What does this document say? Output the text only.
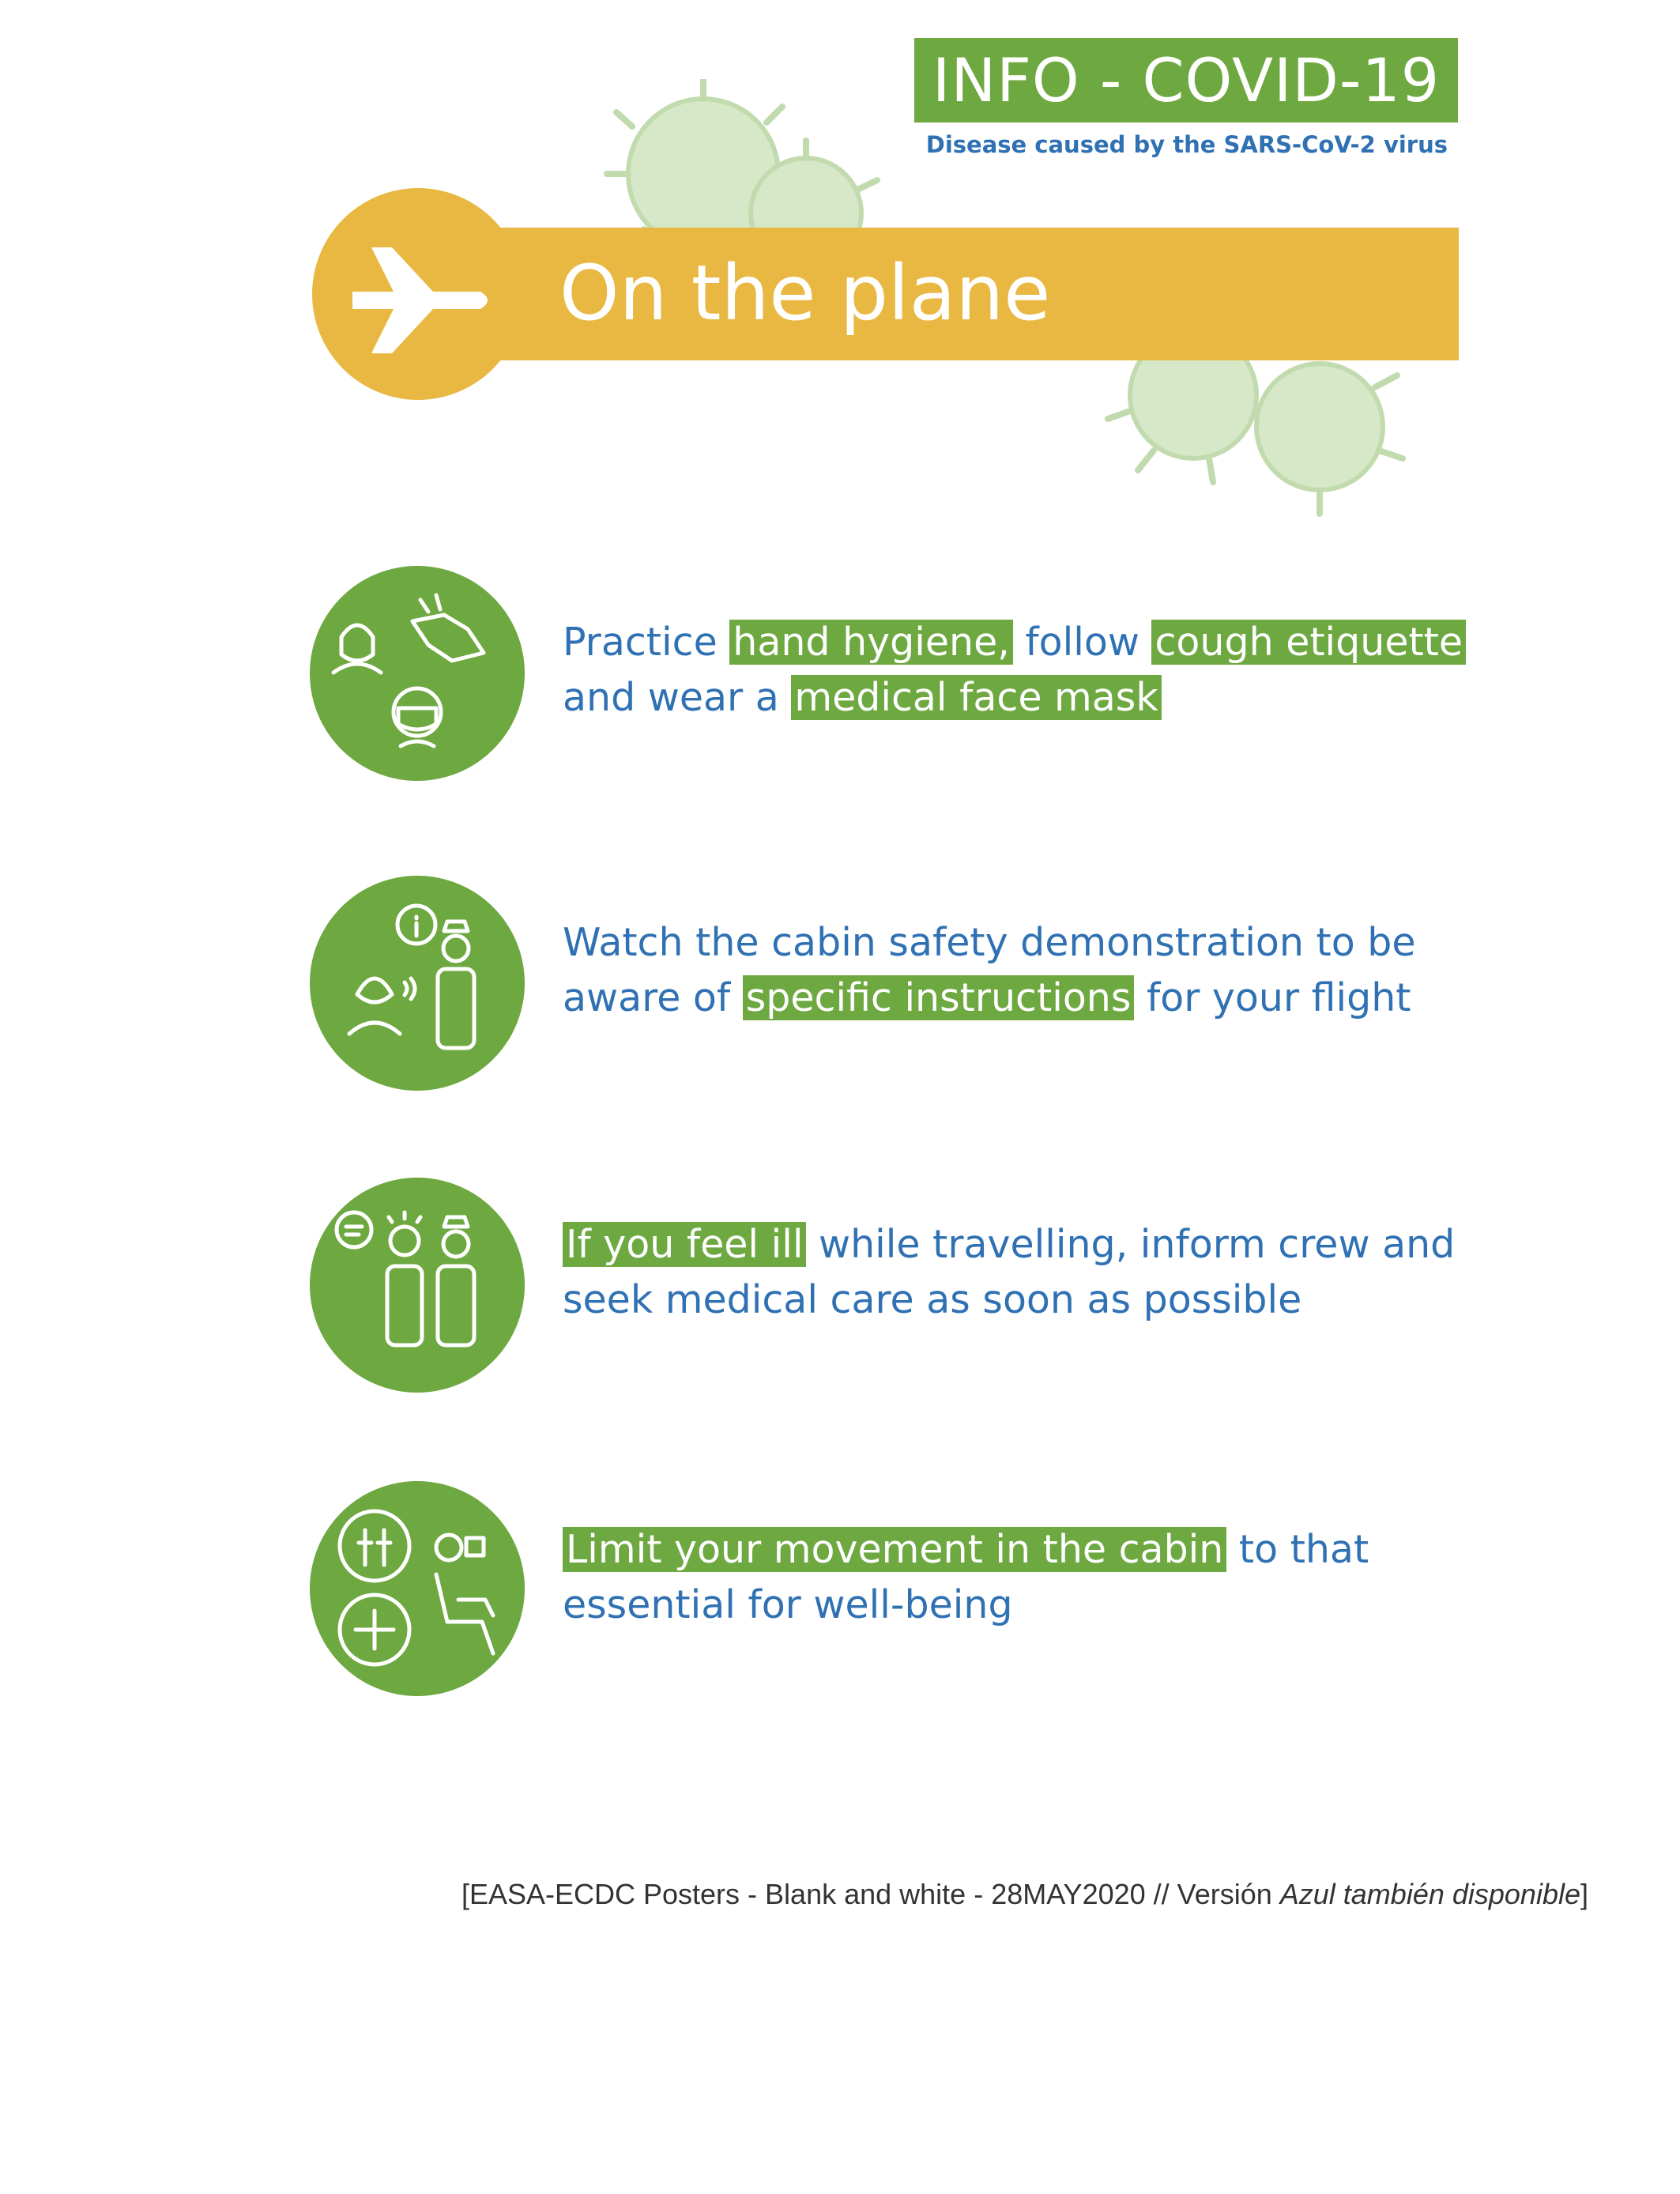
INFO - COVID-19
Disease caused by the SARS-CoV-2 virus
On the plane
Practice hand hygiene, follow cough etiquette and wear a medical face mask
Watch the cabin safety demonstration to be aware of specific instructions for your flight
If you feel ill while travelling, inform crew and seek medical care as soon as possible
Limit your movement in the cabin to that essential for well-being
[EASA-ECDC Posters - Blank and white - 28MAY2020 // Versión Azul también disponible]
